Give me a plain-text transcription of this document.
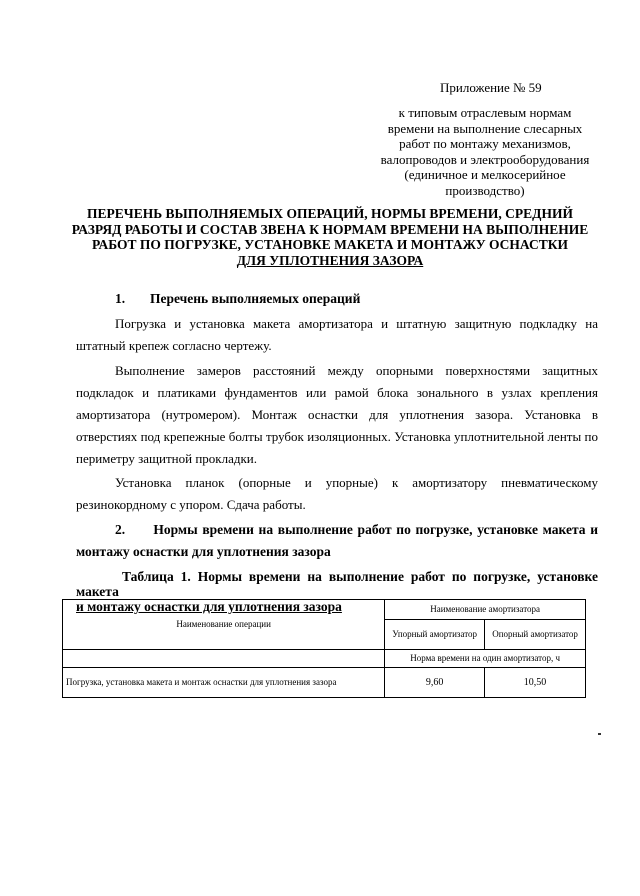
Приложение № 59
к типовым отраслевым нормам
времени на выполнение слесарных
работ по монтажу механизмов,
валопроводов и электрооборудования
(единичное и мелкосерийное
производство)
ПЕРЕЧЕНЬ ВЫПОЛНЯЕМЫХ ОПЕРАЦИЙ, НОРМЫ ВРЕМЕНИ, СРЕДНИЙ
РАЗРЯД РАБОТЫ И СОСТАВ ЗВЕНА К НОРМАМ ВРЕМЕНИ НА ВЫПОЛНЕНИЕ
РАБОТ ПО ПОГРУЗКЕ, УСТАНОВКЕ МАКЕТА И МОНТАЖУ ОСНАСТКИ
ДЛЯ УПЛОТНЕНИЯ ЗАЗОРА
1. Перечень выполняемых операций
Погрузка и установка макета амортизатора и штатную защитную подкладку на штатный крепеж согласно чертежу.
Выполнение замеров расстояний между опорными поверхностями защитных подкладок и платиками фундаментов или рамой блока зонального в узлах крепления амортизатора (нутромером). Монтаж оснастки для уплотнения зазора. Установка в отверстиях под крепежные болты трубок изоляционных. Установка уплотнительной ленты по периметру защитной прокладки.
Установка планок (опорные и упорные) к амортизатору пневматическому резинокордному с упором. Сдача работы.
2. Нормы времени на выполнение работ по погрузке, установке макета и монтажу оснастки для уплотнения зазора
Таблица 1. Нормы времени на выполнение работ по погрузке, установке макета
и монтажу оснастки для уплотнения зазора
Наименование операции	Наименование амортизатора	
	Упорный амортизатор	Опорный амортизатор
	Норма времени на один амортизатор, ч	
Погрузка, установка макета и монтаж оснастки для уплотнения зазора	9,60	10,50
